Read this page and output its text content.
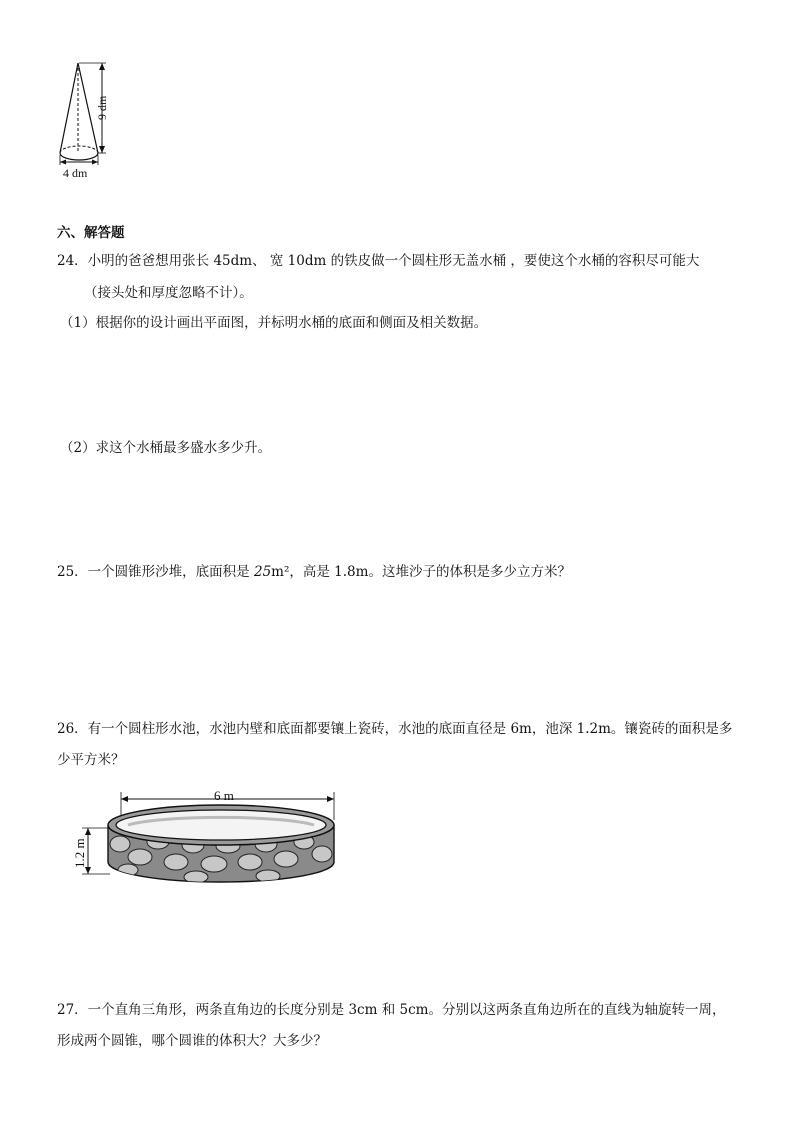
9 dm
4 dm
六、解答题
24．小明的爸爸想用张长 45dm、 宽 10dm 的铁皮做一个圆柱形无盖水桶 ，要使这个水桶的容积尽可能大
（接头处和厚度忽略不计）。
（1）根据你的设计画出平面图，并标明水桶的底面和侧面及相关数据。
（2）求这个水桶最多盛水多少升。
25．一个圆锥形沙堆，底面积是 25m²，高是 1.8m。这堆沙子的体积是多少立方米？
26．有一个圆柱形水池，水池内壁和底面都要镶上瓷砖，水池的底面直径是 6m，池深 1.2m。镶瓷砖的面积是多
少平方米？
6 m
1.2 m
27．一个直角三角形，两条直角边的长度分别是 3cm 和 5cm。分别以这两条直角边所在的直线为轴旋转一周，
形成两个圆锥，哪个圆谁的体积大？大多少？
